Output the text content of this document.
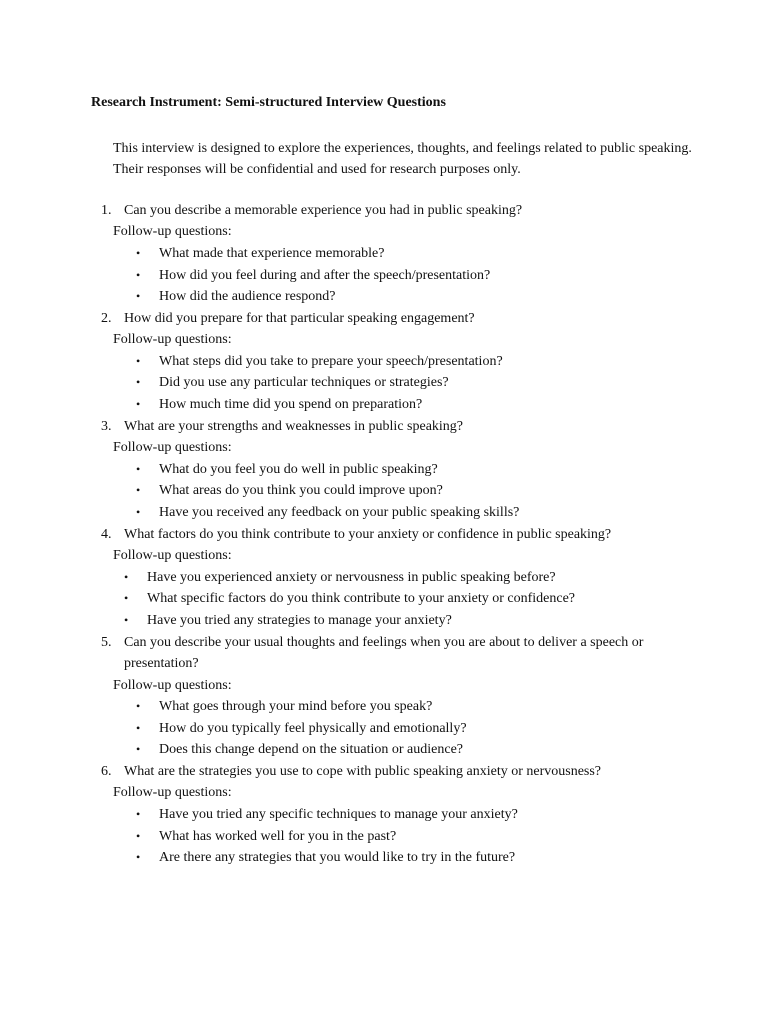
Research Instrument: Semi-structured Interview Questions
This interview is designed to explore the experiences, thoughts, and feelings related to public speaking. Their responses will be confidential and used for research purposes only.
1. Can you describe a memorable experience you had in public speaking?
Follow-up questions:
• What made that experience memorable?
• How did you feel during and after the speech/presentation?
• How did the audience respond?
2. How did you prepare for that particular speaking engagement?
Follow-up questions:
• What steps did you take to prepare your speech/presentation?
• Did you use any particular techniques or strategies?
• How much time did you spend on preparation?
3. What are your strengths and weaknesses in public speaking?
Follow-up questions:
• What do you feel you do well in public speaking?
• What areas do you think you could improve upon?
• Have you received any feedback on your public speaking skills?
4. What factors do you think contribute to your anxiety or confidence in public speaking?
Follow-up questions:
• Have you experienced anxiety or nervousness in public speaking before?
• What specific factors do you think contribute to your anxiety or confidence?
• Have you tried any strategies to manage your anxiety?
5. Can you describe your usual thoughts and feelings when you are about to deliver a speech or presentation?
Follow-up questions:
• What goes through your mind before you speak?
• How do you typically feel physically and emotionally?
• Does this change depend on the situation or audience?
6. What are the strategies you use to cope with public speaking anxiety or nervousness?
Follow-up questions:
• Have you tried any specific techniques to manage your anxiety?
• What has worked well for you in the past?
• Are there any strategies that you would like to try in the future?
